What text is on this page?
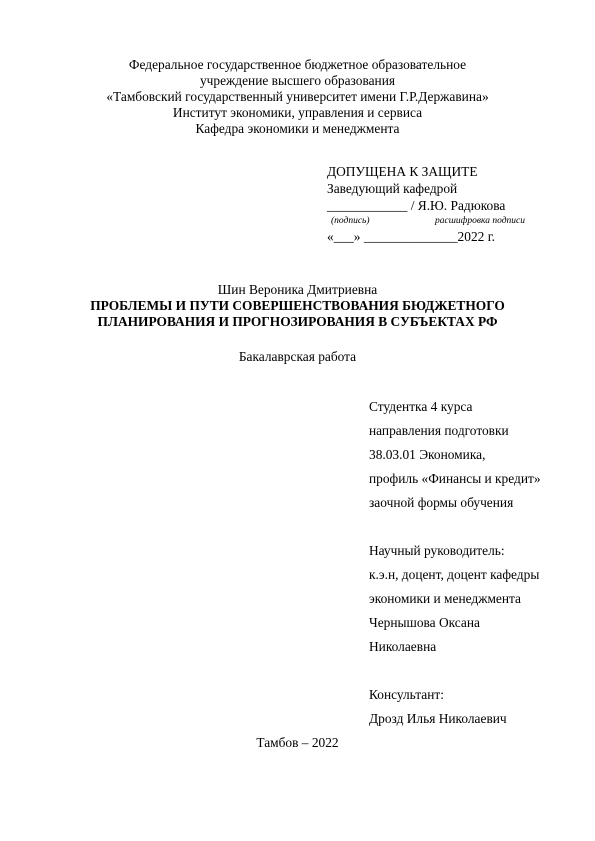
Федеральное государственное бюджетное образовательное
учреждение высшего образования
«Тамбовский государственный университет имени Г.Р.Державина»
Институт экономики, управления и сервиса
Кафедра экономики и менеджмента
ДОПУЩЕНА К ЗАЩИТЕ
Заведующий кафедрой
____________ / Я.Ю. Радюкова
(подпись)	расшифровка подписи
«___» ______________2022 г.
Шин Вероника Дмитриевна
ПРОБЛЕМЫ И ПУТИ СОВЕРШЕНСТВОВАНИЯ БЮДЖЕТНОГО
ПЛАНИРОВАНИЯ И ПРОГНОЗИРОВАНИЯ В СУБЪЕКТАХ РФ
Бакалаврская работа
Студентка 4 курса
направления подготовки
38.03.01 Экономика,
профиль «Финансы и кредит»
заочной формы обучения
Научный руководитель:
к.э.н, доцент, доцент кафедры
экономики и менеджмента
Чернышова Оксана
Николаевна
Консультант:
Дрозд Илья Николаевич
Тамбов – 2022
